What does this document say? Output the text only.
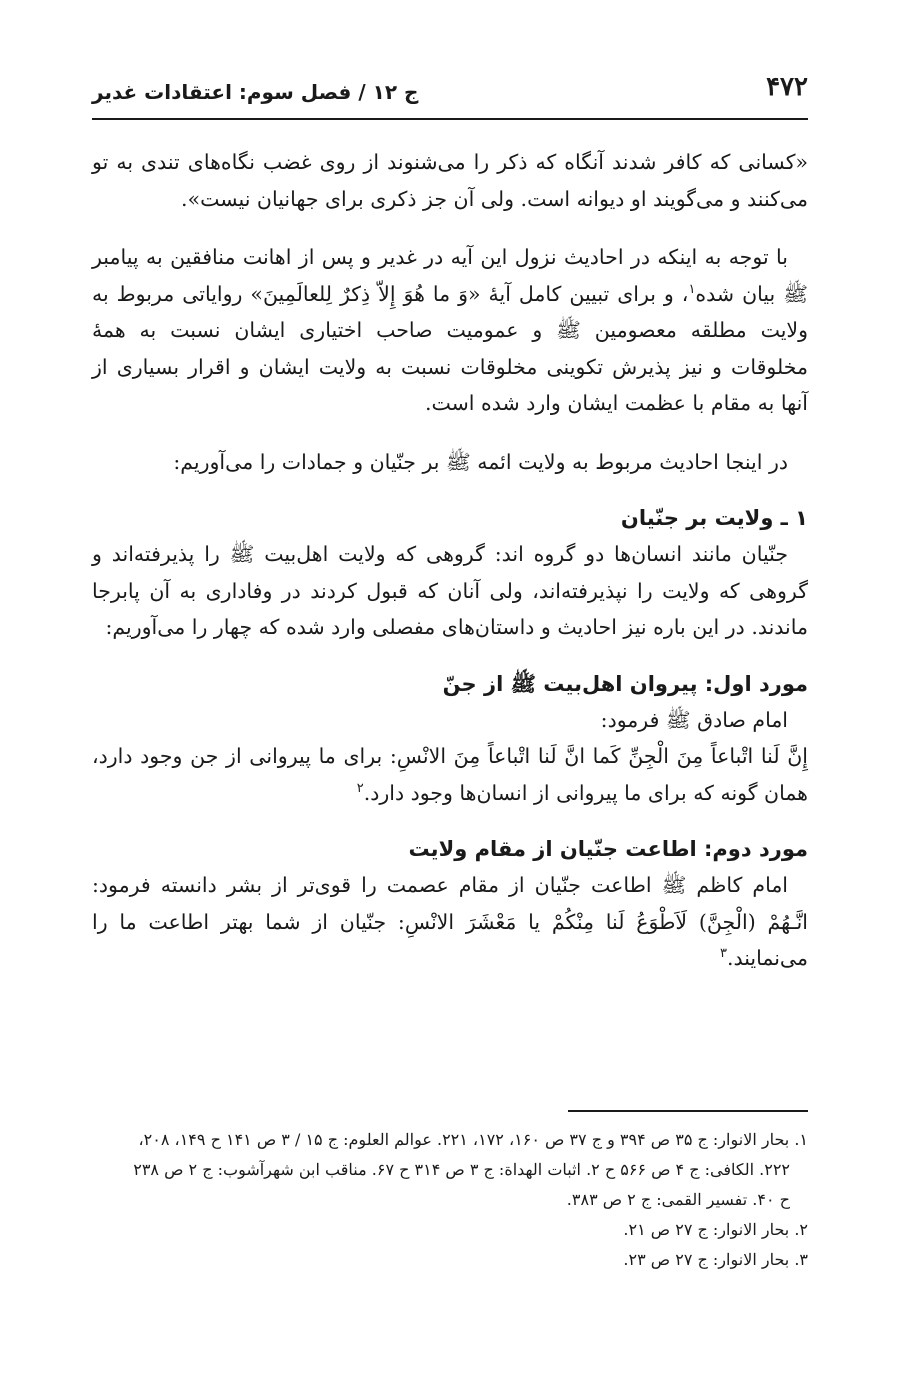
۴۷۲
ج ۱۲ / فصل سوم: اعتقادات غدیر

«کسانی که کافر شدند آنگاه که ذکر را می‌شنوند از روی غضب نگاه‌های تندی به تو می‌کنند و می‌گویند او دیوانه است. ولی آن جز ذکری برای جهانیان نیست».

با توجه به اینکه در احادیث نزول این آیه در غدیر و پس از اهانت منافقین به پیامبر ﷺ بیان شده$^۱$، و برای تبیین کامل آیهٔ «وَ ما هُوَ إِلاّ ذِکرٌ لِلعالَمِینَ» روایاتی مربوط به ولایت مطلقه معصومین ﷺ و عمومیت صاحب اختیاری ایشان نسبت به همهٔ مخلوقات و نیز پذیرش تکوینی مخلوقات نسبت به ولایت ایشان و اقرار بسیاری از آنها به مقام با عظمت ایشان وارد شده است.

در اینجا احادیث مربوط به ولایت ائمه ﷺ بر جنّیان و جمادات را می‌آوریم:

۱ ـ ولایت بر جنّیان

جنّیان مانند انسان‌ها دو گروه اند: گروهی که ولایت اهل‌بیت ﷺ را پذیرفته‌اند و گروهی که ولایت را نپذیرفته‌اند، ولی آنان که قبول کردند در وفاداری به آن پابرجا ماندند. در این باره نیز احادیث و داستان‌های مفصلی وارد شده که چهار را می‌آوریم:

مورد اول: پیروان اهل‌بیت ﷺ از جنّ

امام صادق ﷺ فرمود:

إِنَّ لَنا اتْباعاً مِنَ الْجِنِّ کَما انَّ لَنا اتْباعاً مِنَ الانْسِ: برای ما پیروانی از جن وجود دارد، همان گونه که برای ما پیروانی از انسان‌ها وجود دارد.$^۲$

مورد دوم: اطاعت جنّیان از مقام ولایت

امام کاظم ﷺ اطاعت جنّیان از مقام عصمت را قوی‌تر از بشر دانسته فرمود: انَّـهُمْ (الْجِنَّ) لَاَطْوَعُ لَنا مِنْکُمْ یا مَعْشَرَ الانْسِ: جنّیان از شما بهتر اطاعت ما را می‌نمایند.$^۳$

۱. بحار الانوار: ج ۳۵ ص ۳۹۴ و ج ۳۷ ص ۱۶۰، ۱۷۲، ۲۲۱. عوالم العلوم: ج ۱۵ / ۳ ص ۱۴۱ ح ۱۴۹، ۲۰۸،

۲۲۲. الکافی: ج ۴ ص ۵۶۶ ح ۲. اثبات الهداة: ج ۳ ص ۳۱۴ ح ۶۷. مناقب ابن شهرآشوب: ج ۲ ص ۲۳۸

ح ۴۰. تفسیر القمی: ج ۲ ص ۳۸۳.

۲. بحار الانوار: ج ۲۷ ص ۲۱.

۳. بحار الانوار: ج ۲۷ ص ۲۳.
